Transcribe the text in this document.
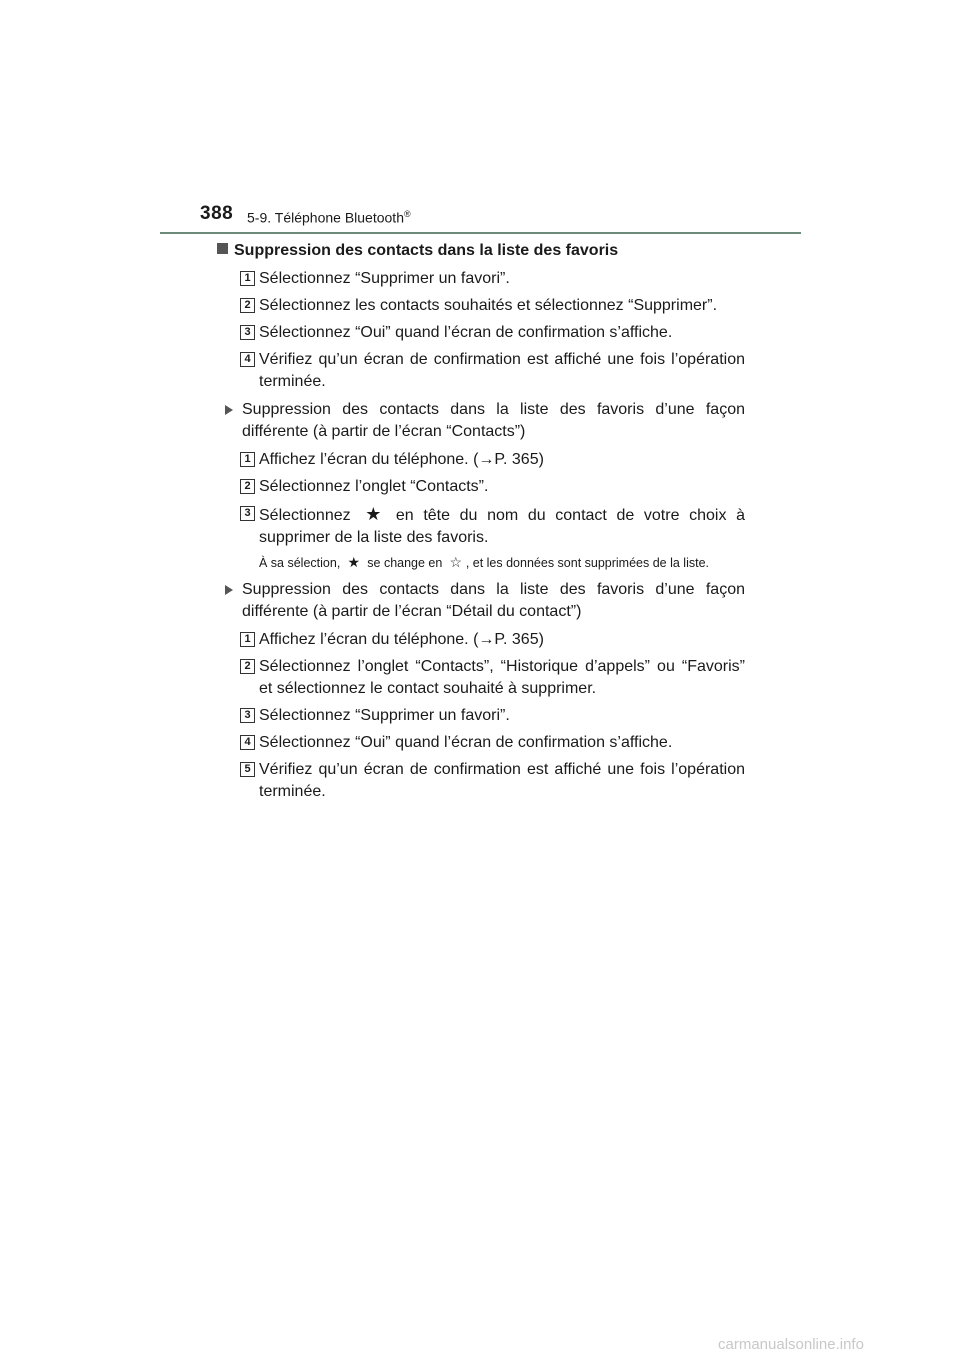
388 5-9. Téléphone Bluetooth®
Suppression des contacts dans la liste des favoris
1 Sélectionnez “Supprimer un favori”.
2 Sélectionnez les contacts souhaités et sélectionnez “Supprimer”.
3 Sélectionnez “Oui” quand l’écran de confirmation s’affiche.
4 Vérifiez qu’un écran de confirmation est affiché une fois l’opération terminée.
Suppression des contacts dans la liste des favoris d’une façon différente (à partir de l’écran “Contacts”)
1 Affichez l’écran du téléphone. (→P. 365)
2 Sélectionnez l’onglet “Contacts”.
3 Sélectionnez ★ en tête du nom du contact de votre choix à supprimer de la liste des favoris.
À sa sélection, ★ se change en ☆ , et les données sont supprimées de la liste.
Suppression des contacts dans la liste des favoris d’une façon différente (à partir de l’écran “Détail du contact”)
1 Affichez l’écran du téléphone. (→P. 365)
2 Sélectionnez l’onglet “Contacts”, “Historique d’appels” ou “Favoris” et sélectionnez le contact souhaité à supprimer.
3 Sélectionnez “Supprimer un favori”.
4 Sélectionnez “Oui” quand l’écran de confirmation s’affiche.
5 Vérifiez qu’un écran de confirmation est affiché une fois l’opération terminée.
carmanualsonline.info
